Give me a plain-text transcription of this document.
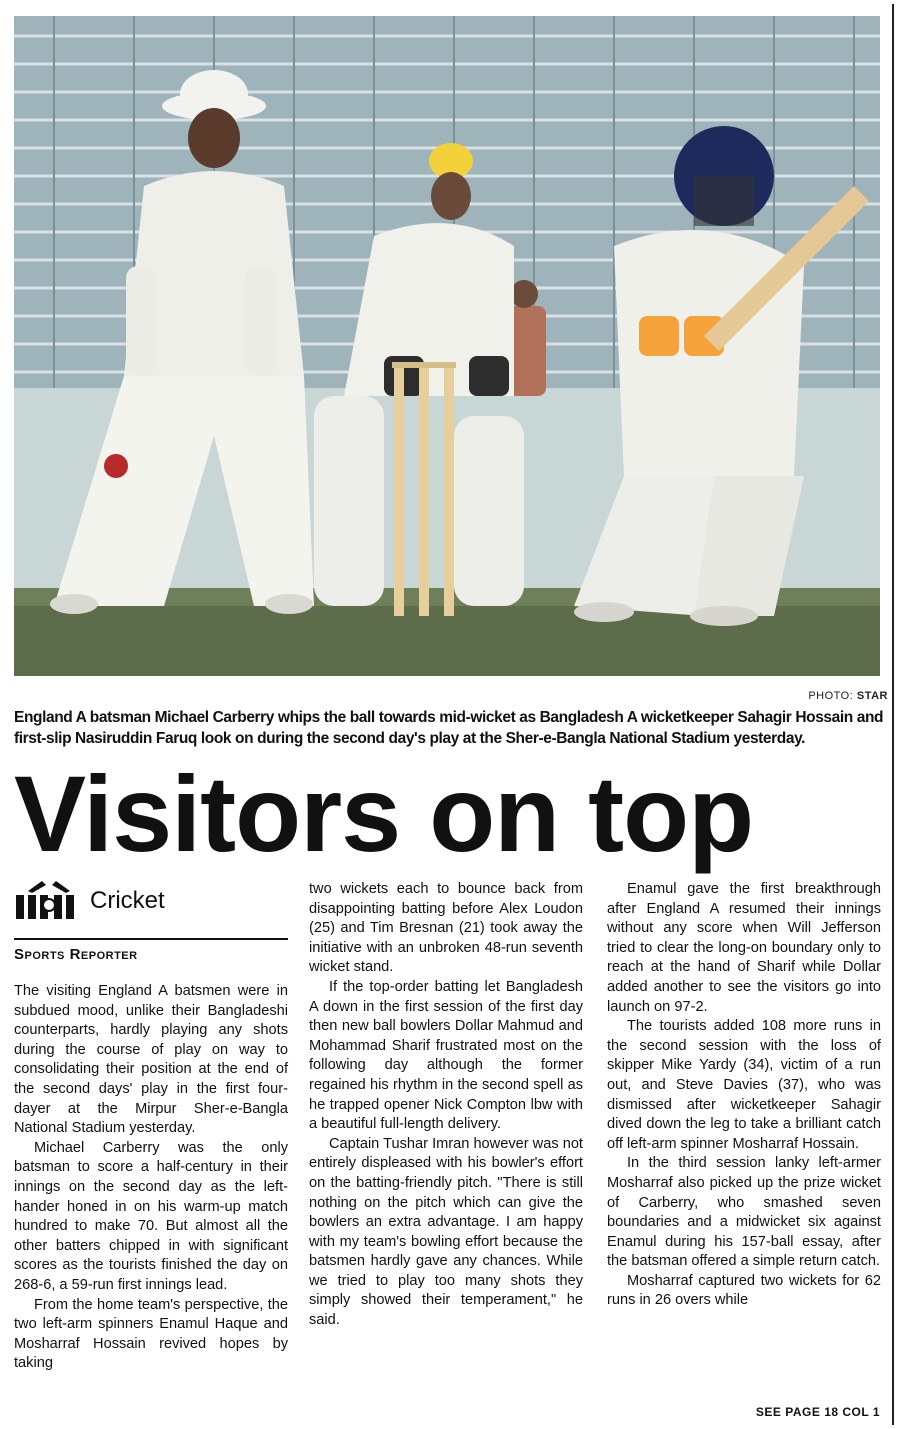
PHOTO: STAR
England A batsman Michael Carberry whips the ball towards mid-wicket as Bangladesh A wicketkeeper Sahagir Hossain and first-slip Nasiruddin Faruq look on during the second day's play at the Sher-e-Bangla National Stadium yesterday.
Visitors on top
Cricket
Sports Reporter

The visiting England A batsmen were in subdued mood, unlike their Bangladeshi counterparts, hardly playing any shots during the course of play on way to consolidating their position at the end of the second days' play in the first four-dayer at the Mirpur Sher-e-Bangla National Stadium yesterday.

Michael Carberry was the only batsman to score a half-century in their innings on the second day as the left-hander honed in on his warm-up match hundred to make 70. But almost all the other batters chipped in with significant scores as the tourists finished the day on 268-6, a 59-run first innings lead.

From the home team's perspective, the two left-arm spinners Enamul Haque and Mosharraf Hossain revived hopes by taking

two wickets each to bounce back from disappointing batting before Alex Loudon (25) and Tim Bresnan (21) took away the initiative with an unbroken 48-run seventh wicket stand.

If the top-order batting let Bangladesh A down in the first session of the first day then new ball bowlers Dollar Mahmud and Mohammad Sharif frustrated most on the following day although the former regained his rhythm in the second spell as he trapped opener Nick Compton lbw with a beautiful full-length delivery.

Captain Tushar Imran however was not entirely displeased with his bowler's effort on the batting-friendly pitch. "There is still nothing on the pitch which can give the bowlers an extra advantage. I am happy with my team's bowling effort because the batsmen hardly gave any chances. While we tried to play too many shots they simply showed their temperament," he said.

Enamul gave the first breakthrough after England A resumed their innings without any score when Will Jefferson tried to clear the long-on boundary only to reach at the hand of Sharif while Dollar added another to see the visitors go into launch on 97-2.

The tourists added 108 more runs in the second session with the loss of skipper Mike Yardy (34), victim of a run out, and Steve Davies (37), who was dismissed after wicketkeeper Sahagir dived down the leg to take a brilliant catch off left-arm spinner Mosharraf Hossain.

In the third session lanky left-armer Mosharraf also picked up the prize wicket of Carberry, who smashed seven boundaries and a midwicket six against Enamul during his 157-ball essay, after the batsman offered a simple return catch.

Mosharraf captured two wickets for 62 runs in 26 overs while

SEE PAGE 18 COL 1
